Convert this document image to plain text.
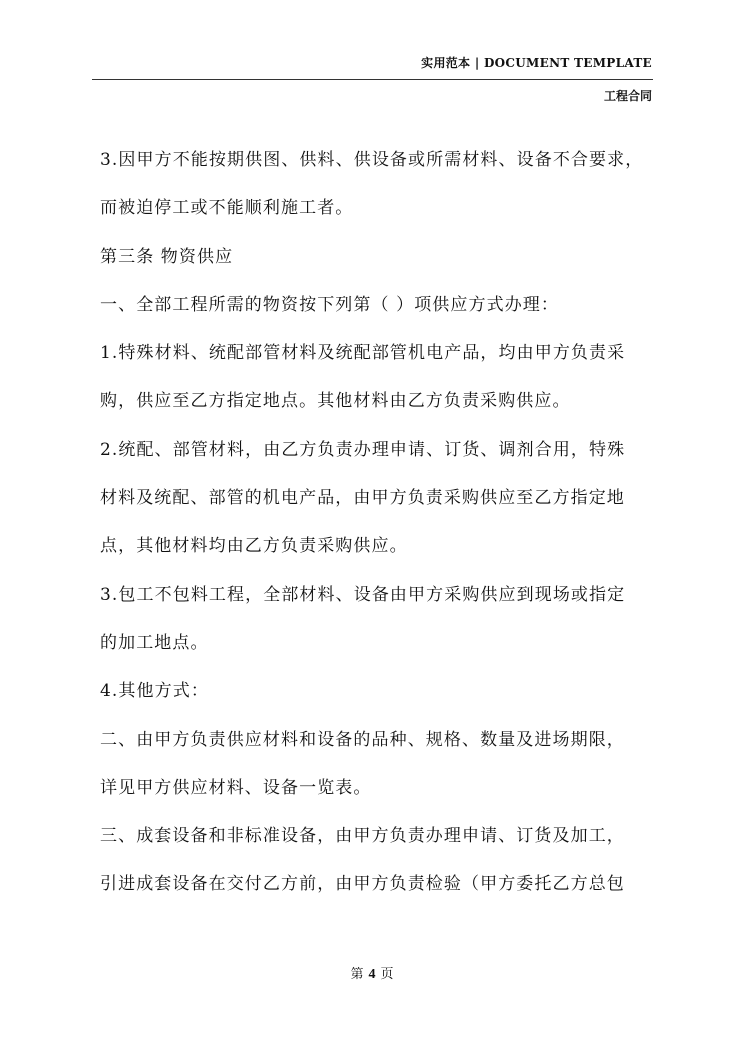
实用范本 | DOCUMENT TEMPLATE
工程合同
3.因甲方不能按期供图、供料、供设备或所需材料、设备不合要求，
而被迫停工或不能顺利施工者。
第三条 物资供应
一、全部工程所需的物资按下列第（ ）项供应方式办理：
1.特殊材料、统配部管材料及统配部管机电产品，均由甲方负责采
购，供应至乙方指定地点。其他材料由乙方负责采购供应。
2.统配、部管材料，由乙方负责办理申请、订货、调剂合用，特殊
材料及统配、部管的机电产品，由甲方负责采购供应至乙方指定地
点，其他材料均由乙方负责采购供应。
3.包工不包料工程，全部材料、设备由甲方采购供应到现场或指定
的加工地点。
4.其他方式：
二、由甲方负责供应材料和设备的品种、规格、数量及进场期限，
详见甲方供应材料、设备一览表。
三、成套设备和非标准设备，由甲方负责办理申请、订货及加工，
引进成套设备在交付乙方前，由甲方负责检验（甲方委托乙方总包
第 4 页
